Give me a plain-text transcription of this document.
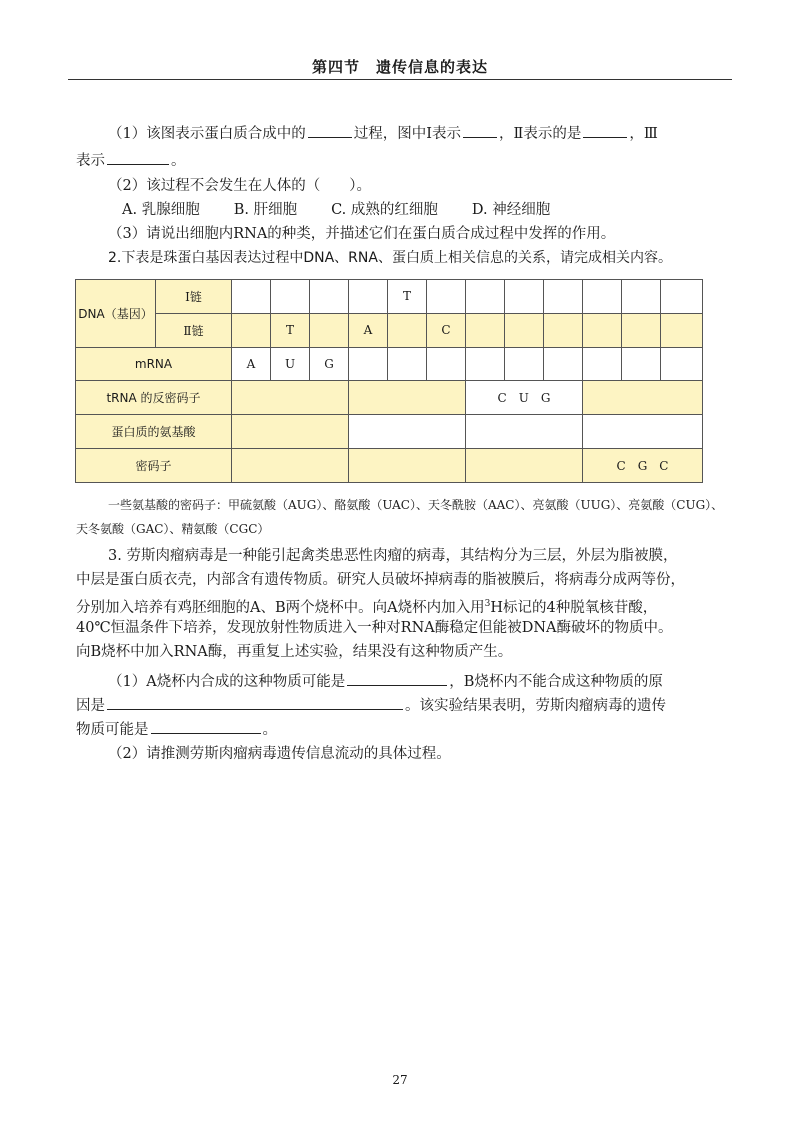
第四节　遗传信息的表达
（1）该图表示蛋白质合成中的	过程，图中Ⅰ表示	，Ⅱ表示的是	，Ⅲ
表示	。
（2）该过程不会发生在人体的（　　）。
A. 乳腺细胞 B. 肝细胞 C. 成熟的红细胞 D. 神经细胞
（3）请说出细胞内RNA的种类，并描述它们在蛋白质合成过程中发挥的作用。
2.下表是珠蛋白基因表达过程中DNA、RNA、蛋白质上相关信息的关系，请完成相关内容。
DNA（基因）	Ⅰ链					T							
	Ⅱ链		T		A		C						
mRNA		A	U	G									
tRNA 的反密码子								C　U　G					
蛋白质的氨基酸													
密码子											C　G　C		
一些氨基酸的密码子：甲硫氨酸（AUG）、酪氨酸（UAC）、天冬酰胺（AAC）、亮氨酸（UUG）、亮氨酸（CUG）、
天冬氨酸（GAC）、精氨酸（CGC）
3. 劳斯肉瘤病毒是一种能引起禽类患恶性肉瘤的病毒，其结构分为三层，外层为脂被膜，
中层是蛋白质衣壳，内部含有遗传物质。研究人员破坏掉病毒的脂被膜后，将病毒分成两等份，
分别加入培养有鸡胚细胞的A、B两个烧杯中。向A烧杯内加入用$^3$H标记的4种脱氧核苷酸，
40℃恒温条件下培养，发现放射性物质进入一种对RNA酶稳定但能被DNA酶破坏的物质中。
向B烧杯中加入RNA酶，再重复上述实验，结果没有这种物质产生。
（1）A烧杯内合成的这种物质可能是	，B烧杯内不能合成这种物质的原
因是	。该实验结果表明，劳斯肉瘤病毒的遗传
物质可能是	。
（2）请推测劳斯肉瘤病毒遗传信息流动的具体过程。
27
